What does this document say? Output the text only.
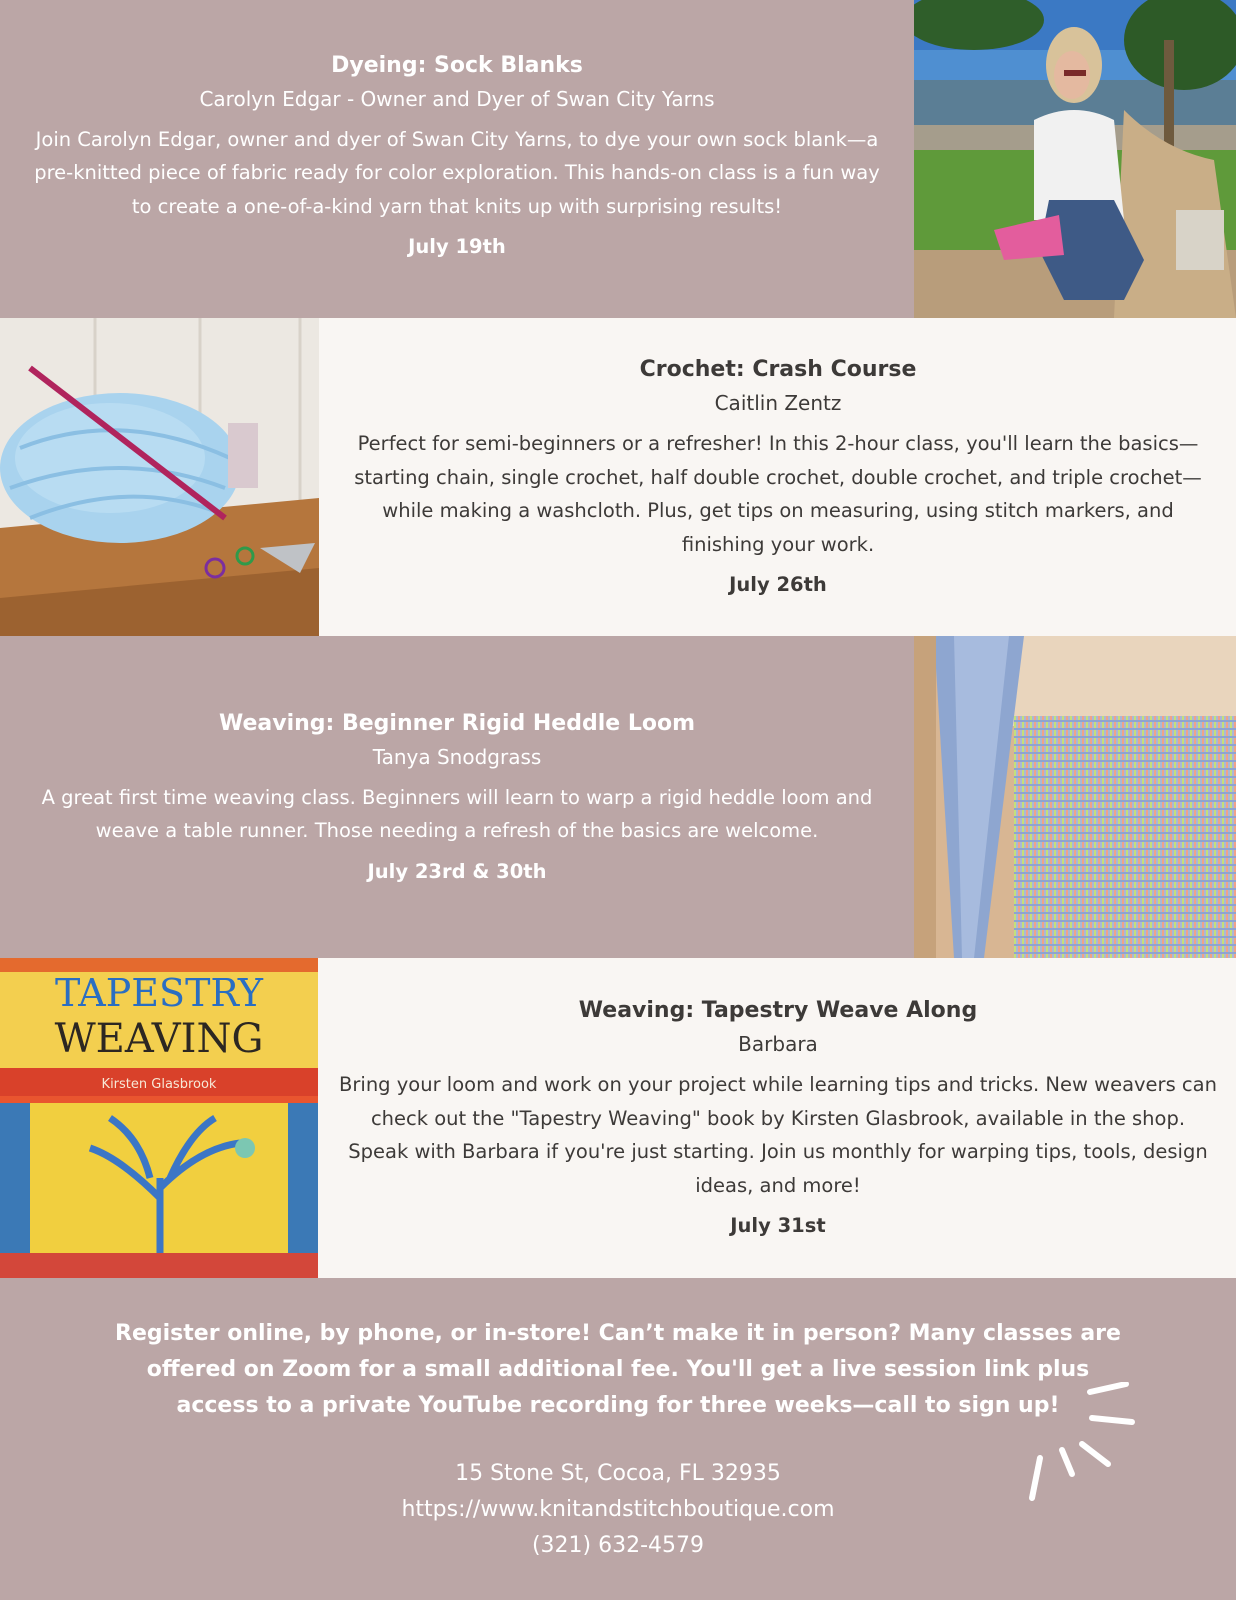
Dyeing: Sock Blanks
Carolyn Edgar - Owner and Dyer of Swan City Yarns
Join Carolyn Edgar, owner and dyer of Swan City Yarns, to dye your own sock blank—a pre-knitted piece of fabric ready for color exploration. This hands-on class is a fun way to create a one-of-a-kind yarn that knits up with surprising results!
July 19th
Crochet: Crash Course
Caitlin Zentz
Perfect for semi-beginners or a refresher! In this 2-hour class, you'll learn the basics—starting chain, single crochet, half double crochet, double crochet, and triple crochet—while making a washcloth. Plus, get tips on measuring, using stitch markers, and finishing your work.
July 26th
Weaving: Beginner Rigid Heddle Loom
Tanya Snodgrass
A great first time weaving class. Beginners will learn to warp a rigid heddle loom and weave a table runner. Those needing a refresh of the basics are welcome.
July 23rd & 30th
TAPESTRY
WEAVING
Kirsten Glasbrook
Weaving: Tapestry Weave Along
Barbara
Bring your loom and work on your project while learning tips and tricks. New weavers can check out the "Tapestry Weaving" book by Kirsten Glasbrook, available in the shop. Speak with Barbara if you're just starting. Join us monthly for warping tips, tools, design ideas, and more!
July 31st
Register online, by phone, or in-store! Can’t make it in person? Many classes are offered on Zoom for a small additional fee. You'll get a live session link plus access to a private YouTube recording for three weeks—call to sign up!
15 Stone St, Cocoa, FL 32935
https://www.knitandstitchboutique.com
(321) 632-4579
